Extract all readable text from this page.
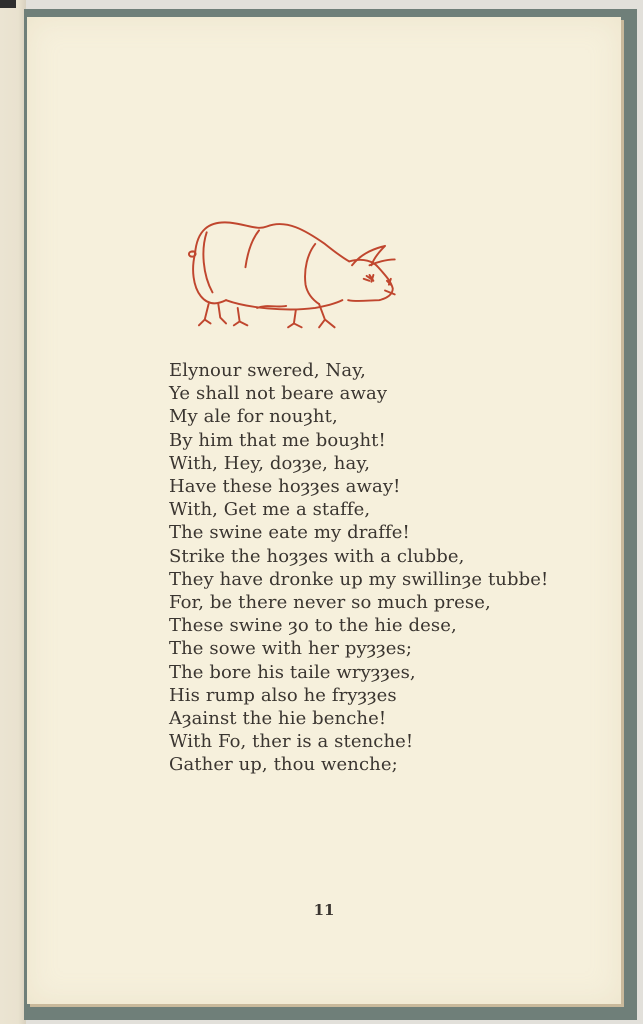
Elynour swered, Nay,
Ye shall not beare away
My ale for nouȝht,
By him that me bouȝht!
With, Hey, doȝȝe, hay,
Have these hoȝȝes away!
With, Get me a staffe,
The swine eate my draffe!
Strike the hoȝȝes with a clubbe,
They have dronke up my swillinȝe tubbe!
For, be there never so much prese,
These swine ȝo to the hie dese,
The sowe with her pyȝȝes;
The bore his taile wryȝȝes,
His rump also he fryȝȝes
Aȝainst the hie benche!
With Fo, ther is a stenche!
Gather up, thou wenche;
11
